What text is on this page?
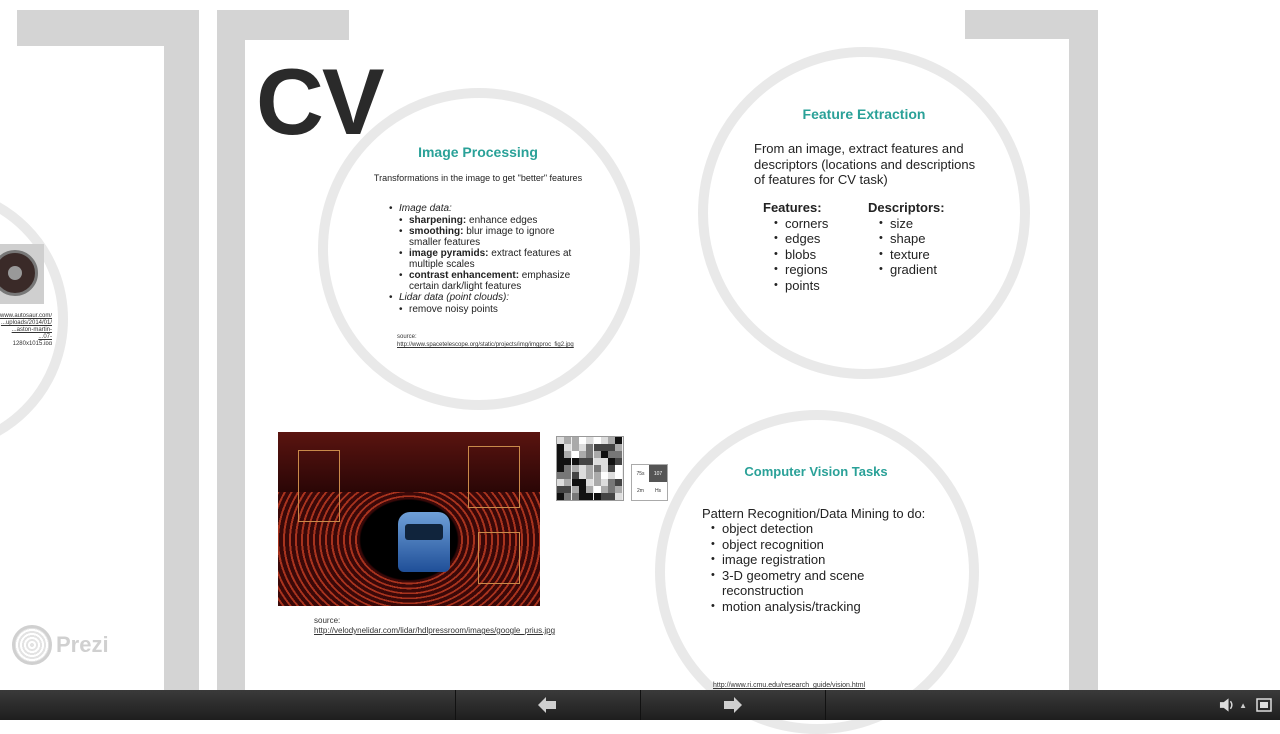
www.autosaur.com/ ...uploads/2014/01/ ...aston-martin- ...07-1280x1015.jpg
Prezi
CV	Image Processing
Transformations in the image to get "better" features
• Image data:
• sharpening: enhance edges
• smoothing: blur image to ignore smaller features
• image pyramids: extract features at multiple scales
• contrast enhancement: emphasize certain dark/light features
• Lidar data (point clouds):
• remove noisy points
source: http://www.spacetelescope.org/static/projects/img/imgproc_fig2.jpg
Feature Extraction
From an image, extract features and descriptors (locations and descriptions of features for CV task)
Features:
• corners
• edges
• blobs
• regions
• points
Descriptors:
• size
• shape
• texture
• gradient
source: http://velodynelidar.com/lidar/hdlpressroom/images/google_prius.jpg
75s	107
2m	Hs
Computer Vision Tasks
Pattern Recognition/Data Mining to do:
• object detection
• object recognition
• image registration
• 3-D geometry and scene reconstruction
• motion analysis/tracking
http://www.ri.cmu.edu/research_guide/vision.html
▲
